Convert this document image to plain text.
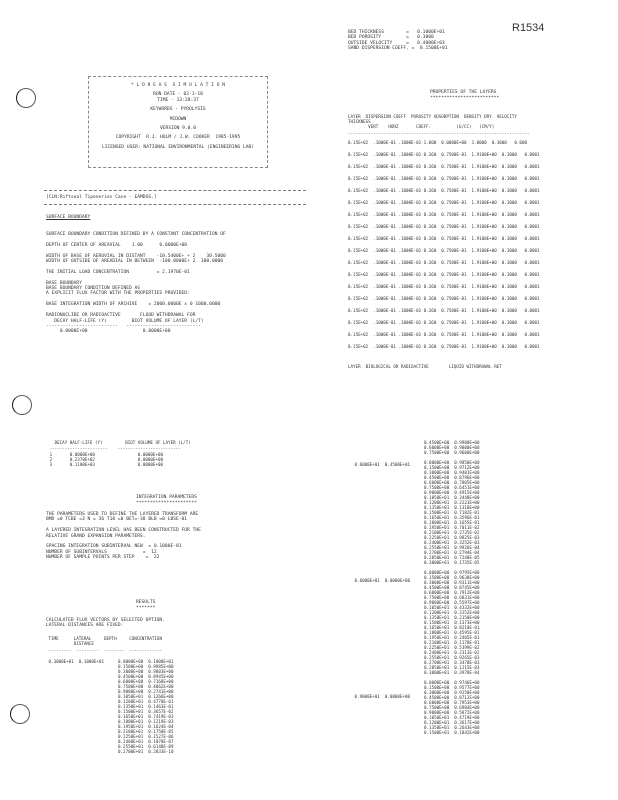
R1534
* L O R E A S  S I M U L A T I O N
RUN DATE - 02-1-18
TIME - 13:28:37
KEYWORDS - PYROLYSIS
MCDOWN
VERSION 9.0.0
COPYRIGHT  R.J. HOLM / J.W. COOKER  1985-1995
LICENSED USER: NATIONAL ENVIRONMENTAL (ENGINEERING LAB)
[CLN:Riftseal Tipeneries Case - EAMDOS.]
SURFACE BOUNDARY
SURFACE BOUNDARY CONDITION DEFINED BY A CONSTANT CONCENTRATION OF

DEPTH OF CENTER OF AREAVIAL    1.00      0.0000E+00

WIDTH OF BASE OF AEROVIAL IN DISTANT    -10.5400E+ + 2    30.5000
WIDTH OF OUTSIDE OF AREADIAL IN BETWEEN  -100.0000E+ 2  100.0000

THE INITIAL LOAD CONCENTRATION          = 2.1970E-01

BASE BOUNDARY
BASE BOUNDARY CONDITION DEFINED AS
A EXPLICIT FLUX FACTOR WITH THE PROPERTIES PROVIDED:

BASE INTEGRATION WIDTH OF ARCHIVE    = 2000.0000E x 0 1000.0000

RADIONUCLIDE OR RADIOACTIVE       FLOOD WITHDRAWAL FOR
DECAY HALF-LIFE (Y)         BIOT VOLUME OF LAYER (L/T)
--------------------------   ---------------------------
0.0000E+00                    0.0000E+00
BED THICKNESS        =   0.1000E+01
BED POROSITY         =   0.3000
OUTSIDE VELOCITY     =   0.4000E+03
SAND DISPERSION COEFF. =  0.1500E+01
PROPERTIES OF THE LAYERS
*************************
LAYER  DISPERSION COEFF  POROSITY ADSORPTION  DENSITY DRY. VELOCITY
THICKNESS
VERT    HORZ       COEFF.          (G/CC)   (CM/Y)
------------------------------------------------------------------------
0.15E+02  .1000E-01 .1000E-01 1.000  0.0000E+00  3.0000  0.3000   0.000
0.15E+02  .1000E-01 .1000E-01 0.360  0.7500E-01  1.9100E+00  0.3000   0.0001
0.15E+02  .1000E-01 .1000E-01 0.360  0.7500E-01  1.9100E+00  0.3000   0.0001
0.15E+02  .1000E-01 .1000E-01 0.360  0.7500E-01  1.9100E+00  0.3000   0.0001
0.15E+02  .1000E-01 .1000E-01 0.360  0.7500E-01  1.9100E+00  0.3000   0.0001
0.15E+02  .1000E-01 .1000E-01 0.360  0.7500E-01  1.9100E+00  0.3000   0.0001
0.15E+02  .1000E-01 .1000E-01 0.360  0.7500E-01  1.9100E+00  0.3000   0.0001
0.15E+02  .1000E-01 .1000E-01 0.360  0.7500E-01  1.9100E+00  0.3000   0.0001
0.15E+02  .1000E-01 .1000E-01 0.360  0.7500E-01  1.9100E+00  0.3000   0.0001
0.15E+02  .1000E-01 .1000E-01 0.360  0.7500E-01  1.9100E+00  0.3000   0.0001
0.15E+02  .1000E-01 .1000E-01 0.360  0.7500E-01  1.9100E+00  0.3000   0.0001
0.15E+02  .1000E-01 .1000E-01 0.360  0.7500E-01  1.9100E+00  0.3000   0.0001
0.15E+02  .1000E-01 .1000E-01 0.360  0.7500E-01  1.9100E+00  0.3000   0.0001
0.15E+02  .1000E-01 .1000E-01 0.360  0.7500E-01  1.9100E+00  0.3000   0.0001
0.15E+02  .1000E-01 .1000E-01 0.360  0.7500E-01  1.9100E+00  0.3000   0.0001
0.15E+02  .1000E-01 .1000E-01 0.360  0.7500E-01  1.9100E+00  0.3000   0.0001
0.15E+02  .1000E-01 .1000E-01 0.360  0.7500E-01  1.9100E+00  0.3000   0.0001
0.15E+02  .1000E-01 .1000E-01 0.360  0.7500E-01  1.9100E+00  0.3000   0.0001
LAYER  BIOLOGICAL OR RADIOACTIVE        LIQUID WITHDRAWAL RET
DECAY HALF-LIFE (Y)         BIOT VOLUME OF LAYER (L/T)
-----------------------    -------------------------
1       0.0000E+00                 0.0000E+00
2       0.2370E+02                 0.0000E+00
3       0.1100E+03                 0.0000E+00
INTEGRATION PARAMETERS
**********************
THE PARAMETERS USED TO DEFINE THE LAYERED TRANSFORM ARE
BMD =0 TCBE =3 N = 36 T10 =0 BET=-38 BLB =0 LBSE-01

A LAYERED INTEGRATION LEVEL HAS BEEN CONSTRUCTED FOR THE
RELATIVE GRAND EXPANSION PARAMETERS.

SPACING INTEGRATION SUBINTERVAL NEW  = 0.1000E-01
NUMBER OF SUBINTERVALS             =  12
NUMBER OF SAMPLE POINTS PER STEP    =  22
RESULTS
*******
CALCULATED FLUX VECTORS BY SELECTED OPTION.
LATERAL DISTANCES ARE FIXED.
TIME      LATERAL     DEPTH     CONCENTRATION
DISTANCE
---------  ---------  --------  -------------
0.3000E+01  0.1000E+01	0.0000E+00  0.1000E+01
0.1500E+00  0.9985E+00
0.3000E+00  0.9803E+00
0.4500E+00  0.8945E+00
0.6000E+00  0.7168E+00
0.7500E+00  0.4862E+00
0.9000E+00  0.2741E+00
0.1050E+01  0.1266E+00
0.1200E+01  0.4770E-01
0.1350E+01  0.1463E-01
0.1500E+01  0.3657E-02
0.1650E+01  0.7419E-03
0.1800E+01  0.1219E-03
0.1950E+01  0.1624E-04
0.2100E+01  0.1750E-05
0.2250E+01  0.1527E-06
0.2400E+01  0.1078E-07
0.2550E+01  0.6148E-09
0.2700E+01  0.2833E-10
0.6000E+01  0.4500E+01
0.6000E+01  0.0000E+00
0.9000E+01  0.0000E+00
0.4500E+00  0.9900E+00
0.6000E+00  0.9800E+00
0.7500E+00  0.9600E+00

0.0000E+00  0.9850E+00
0.1500E+00  0.9712E+00
0.3000E+00  0.9401E+00
0.4500E+00  0.8796E+00
0.6000E+00  0.7805E+00
0.7500E+00  0.6451E+00
0.9000E+00  0.4915E+00
0.1050E+01  0.3448E+00
0.1200E+01  0.2223E+00
0.1350E+01  0.1318E+00
0.1500E+01  0.7182E-01
0.1650E+01  0.3596E-01
0.1800E+01  0.1655E-01
0.1950E+01  0.7011E-02
0.2100E+01  0.2735E-02
0.2250E+01  0.9825E-03
0.2400E+01  0.3252E-03
0.2550E+01  0.9926E-04
0.2700E+01  0.2794E-04
0.2850E+01  0.7248E-05
0.3000E+01  0.1735E-05

0.0000E+00  0.9795E+00
0.1500E+00  0.9638E+00
0.3000E+00  0.9311E+00
0.4500E+00  0.8745E+00
0.6000E+00  0.7912E+00
0.7500E+00  0.6831E+00
0.9000E+00  0.5597E+00
0.1050E+01  0.4332E+00
0.1200E+01  0.3152E+00
0.1350E+01  0.2150E+00
0.1500E+01  0.1373E+00
0.1650E+01  0.8210E-01
0.1800E+01  0.4595E-01
0.1950E+01  0.2405E-01
0.2100E+01  0.1178E-01
0.2250E+01  0.5399E-02
0.2400E+01  0.2313E-02
0.2550E+01  0.9265E-03
0.2700E+01  0.3470E-03
0.2850E+01  0.1215E-03
0.3000E+01  0.3978E-04

0.0000E+00  0.9746E+00
0.1500E+00  0.9577E+00
0.3000E+00  0.9250E+00
0.4500E+00  0.8712E+00
0.6000E+00  0.7953E+00
0.7500E+00  0.6984E+00
0.9000E+00  0.5872E+00
0.1050E+01  0.4719E+00
0.1200E+01  0.3617E+00
0.1350E+01  0.2643E+00
0.1500E+01  0.1842E+00
